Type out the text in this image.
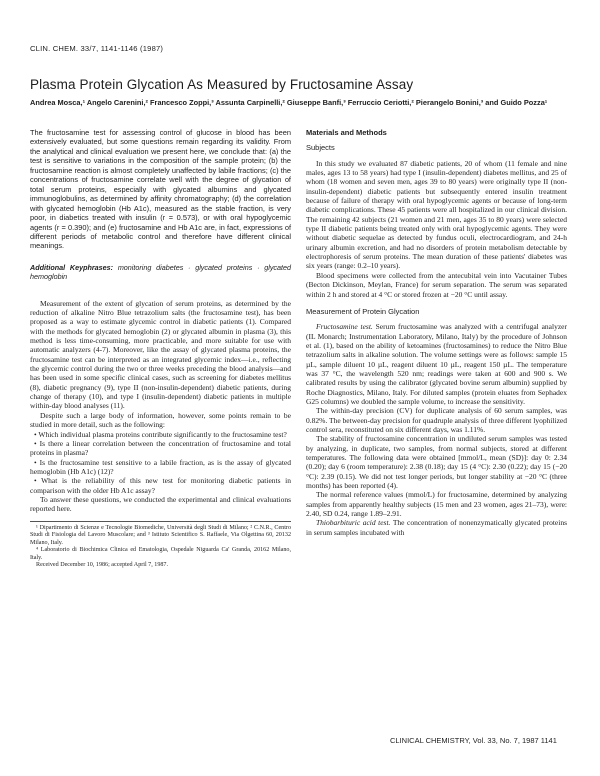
CLIN. CHEM. 33/7, 1141-1146 (1987)
Plasma Protein Glycation As Measured by Fructosamine Assay
Andrea Mosca,¹ Angelo Carenini,² Francesco Zoppi,³ Assunta Carpinelli,² Giuseppe Banfi,³ Ferruccio Ceriotti,² Pierangelo Bonini,³ and Guido Pozza¹

The fructosamine test for assessing control of glucose in blood has been extensively evaluated, but some questions remain regarding its validity. From the analytical and clinical evaluation we present here, we conclude that: (a) the test is sensitive to variations in the composition of the sample protein; (b) the fructosamine reaction is almost completely unaffected by labile fractions; (c) the concentrations of fructosamine correlate well with the degree of glycation of total serum proteins, especially with glycated albumins and glycated immunoglobulins, as determined by affinity chromatography; (d) the correlation with glycated hemoglobin (Hb A1c), measured as the stable fraction, is very poor, in diabetics treated with insulin (r = 0.573), or with oral hypoglycemic agents (r = 0.390); and (e) fructosamine and Hb A1c are, in fact, expressions of different periods of metabolic control and therefore have different clinical meanings.

Additional Keyphrases: monitoring diabetes · glycated proteins · glycated hemoglobin

Measurement of the extent of glycation of serum proteins, as determined by the reduction of alkaline Nitro Blue tetrazolium salts (the fructosamine test), has been proposed as a way to estimate glycemic control in diabetic patients (1). Compared with the methods for glycated hemoglobin (2) or glycated albumin in plasma (3), this method is less time-consuming, more practicable, and more suitable for use with automatic analyzers (4-7). Moreover, like the assay of glycated plasma proteins, the fructosamine test can be interpreted as an integrated glycemic index—i.e., reflecting the glycemic control during the two or three weeks preceding the blood analysis—and has been used in some specific clinical cases, such as screening for diabetes mellitus (8), diabetic pregnancy (9), type II (non-insulin-dependent) diabetic patients, during change of therapy (10), and type I (insulin-dependent) diabetic patients in multiple within-day blood analyses (11).

Despite such a large body of information, however, some points remain to be studied in more detail, such as the following:

• Which individual plasma proteins contribute significantly to the fructosamine test?

• Is there a linear correlation between the concentration of fructosamine and total proteins in plasma?

• Is the fructosamine test sensitive to a labile fraction, as is the assay of glycated hemoglobin (Hb A1c) (12)?

• What is the reliability of this new test for monitoring diabetic patients in comparison with the older Hb A1c assay?

To answer these questions, we conducted the experimental and clinical evaluations reported here.

¹ Dipartimento di Scienze e Tecnologie Biomediche, Università degli Studi di Milano; ² C.N.R., Centro Studi di Fisiologia del Lavoro Muscolare; and ³ Istituto Scientifico S. Raffaele, Via Olgettina 60, 20132 Milano, Italy.

⁴ Laboratorio di Biochimica Clinica ed Ematologia, Ospedale Niguarda Ca' Granda, 20162 Milano, Italy.

Received December 10, 1986; accepted April 7, 1987.

Materials and Methods
Subjects

In this study we evaluated 87 diabetic patients, 20 of whom (11 female and nine males, ages 13 to 58 years) had type I (insulin-dependent) diabetes mellitus, and 25 of whom (18 women and seven men, ages 39 to 80 years) were originally type II (non-insulin-dependent) diabetic patients but subsequently entered insulin treatment because of failure of therapy with oral hypoglycemic agents or because of long-term diabetic complications. These 45 patients were all hospitalized in our clinical division. The remaining 42 subjects (21 women and 21 men, ages 35 to 80 years) were selected type II diabetic patients being treated only with oral hypoglycemic agents. They were without diabetic sequelae as detected by fundus oculi, electrocardiogram, and 24-h urinary albumin excretion, and had no disorders of protein metabolism detectable by electrophoresis of serum proteins. The mean duration of these patients' diabetes was six years (range: 0.2–10 years).

Blood specimens were collected from the antecubital vein into Vacutainer Tubes (Becton Dickinson, Meylan, France) for serum separation. The serum was separated within 2 h and stored at 4 °C or stored frozen at −20 °C until assay.

Measurement of Protein Glycation

Fructosamine test. Serum fructosamine was analyzed with a centrifugal analyzer (IL Monarch; Instrumentation Laboratory, Milano, Italy) by the procedure of Johnson et al. (1), based on the ability of ketoamines (fructosamines) to reduce the Nitro Blue tetrazolium salts in alkaline solution. The volume settings were as follows: sample 15 µL, sample diluent 10 µL, reagent diluent 10 µL, reagent 150 µL. The temperature was 37 °C, the wavelength 520 nm; readings were taken at 600 and 900 s. We calibrated results by using the calibrator (glycated bovine serum albumin) supplied by Roche Diagnostics, Milano, Italy. For diluted samples (protein eluates from Sephadex G25 columns) we doubled the sample volume, to increase the sensitivity.

The within-day precision (CV) for duplicate analysis of 60 serum samples, was 0.82%. The between-day precision for quadruple analysis of three different lyophilized control sera, reconstituted on six different days, was 1.11%.

The stability of fructosamine concentration in undiluted serum samples was tested by analyzing, in duplicate, two samples, from normal subjects, stored at different temperatures. The following data were obtained [mmol/L, mean (SD)]: day 0: 2.34 (0.20); day 6 (room temperature): 2.38 (0.18); day 15 (4 °C): 2.30 (0.22); day 15 (−20 °C): 2.39 (0.15). We did not test longer periods, but longer stability at −20 °C (three months) has been reported (4).

The normal reference values (mmol/L) for fructosamine, determined by analyzing samples from apparently healthy subjects (15 men and 23 women, ages 21–73), were: 2.40, SD 0.24, range 1.89–2.91.

Thiobarbituric acid test. The concentration of nonenzymatically glycated proteins in serum samples incubated with

CLINICAL CHEMISTRY, Vol. 33, No. 7, 1987 1141
